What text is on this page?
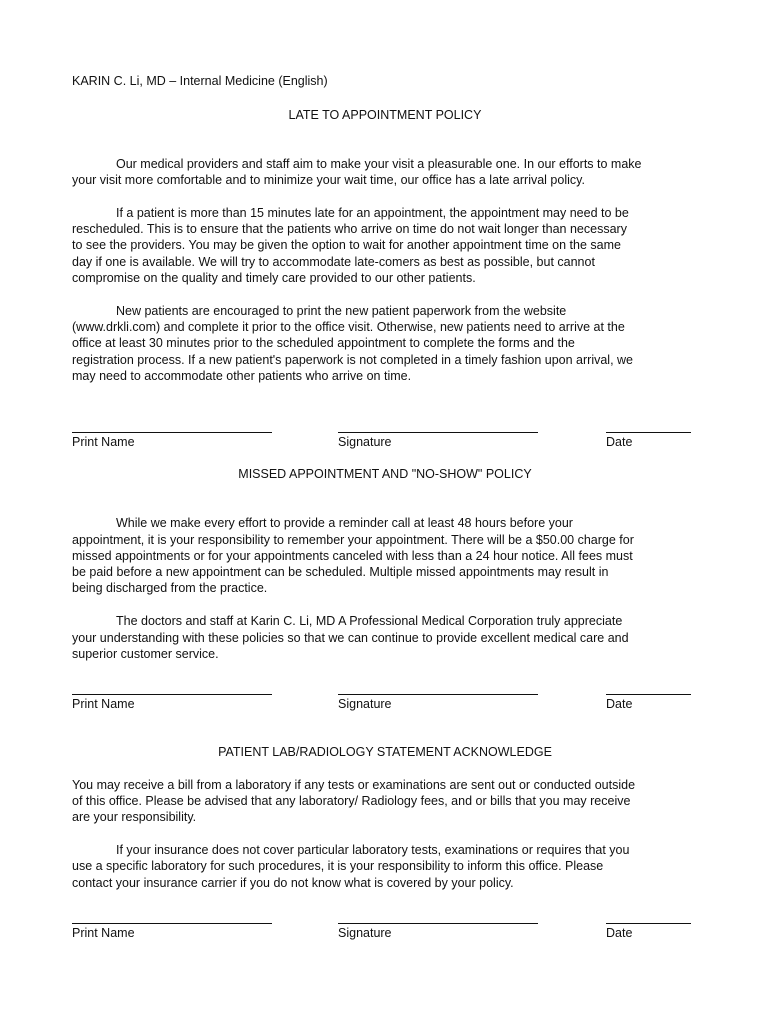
KARIN C. Li, MD – Internal Medicine (English)
LATE TO APPOINTMENT POLICY
Our medical providers and staff aim to make your visit a pleasurable one. In our efforts to make
your visit more comfortable and to minimize your wait time, our office has a late arrival policy.
If a patient is more than 15 minutes late for an appointment, the appointment may need to be
rescheduled. This is to ensure that the patients who arrive on time do not wait longer than necessary
to see the providers. You may be given the option to wait for another appointment time on the same
day if one is available. We will try to accommodate late-comers as best as possible, but cannot
compromise on the quality and timely care provided to our other patients.
New patients are encouraged to print the new patient paperwork from the website
(www.drkli.com) and complete it prior to the office visit. Otherwise, new patients need to arrive at the
office at least 30 minutes prior to the scheduled appointment to complete the forms and the
registration process. If a new patient's paperwork is not completed in a timely fashion upon arrival, we
may need to accommodate other patients who arrive on time.
Print Name	Signature	Date
MISSED APPOINTMENT AND "NO-SHOW" POLICY
While we make every effort to provide a reminder call at least 48 hours before your
appointment, it is your responsibility to remember your appointment. There will be a $50.00 charge for
missed appointments or for your appointments canceled with less than a 24 hour notice. All fees must
be paid before a new appointment can be scheduled. Multiple missed appointments may result in
being discharged from the practice.
The doctors and staff at Karin C. Li, MD A Professional Medical Corporation truly appreciate
your understanding with these policies so that we can continue to provide excellent medical care and
superior customer service.
Print Name	Signature	Date
PATIENT LAB/RADIOLOGY STATEMENT ACKNOWLEDGE
You may receive a bill from a laboratory if any tests or examinations are sent out or conducted outside
of this office. Please be advised that any laboratory/ Radiology fees, and or bills that you may receive
are your responsibility.
If your insurance does not cover particular laboratory tests, examinations or requires that you
use a specific laboratory for such procedures, it is your responsibility to inform this office. Please
contact your insurance carrier if you do not know what is covered by your policy.
Print Name	Signature	Date
